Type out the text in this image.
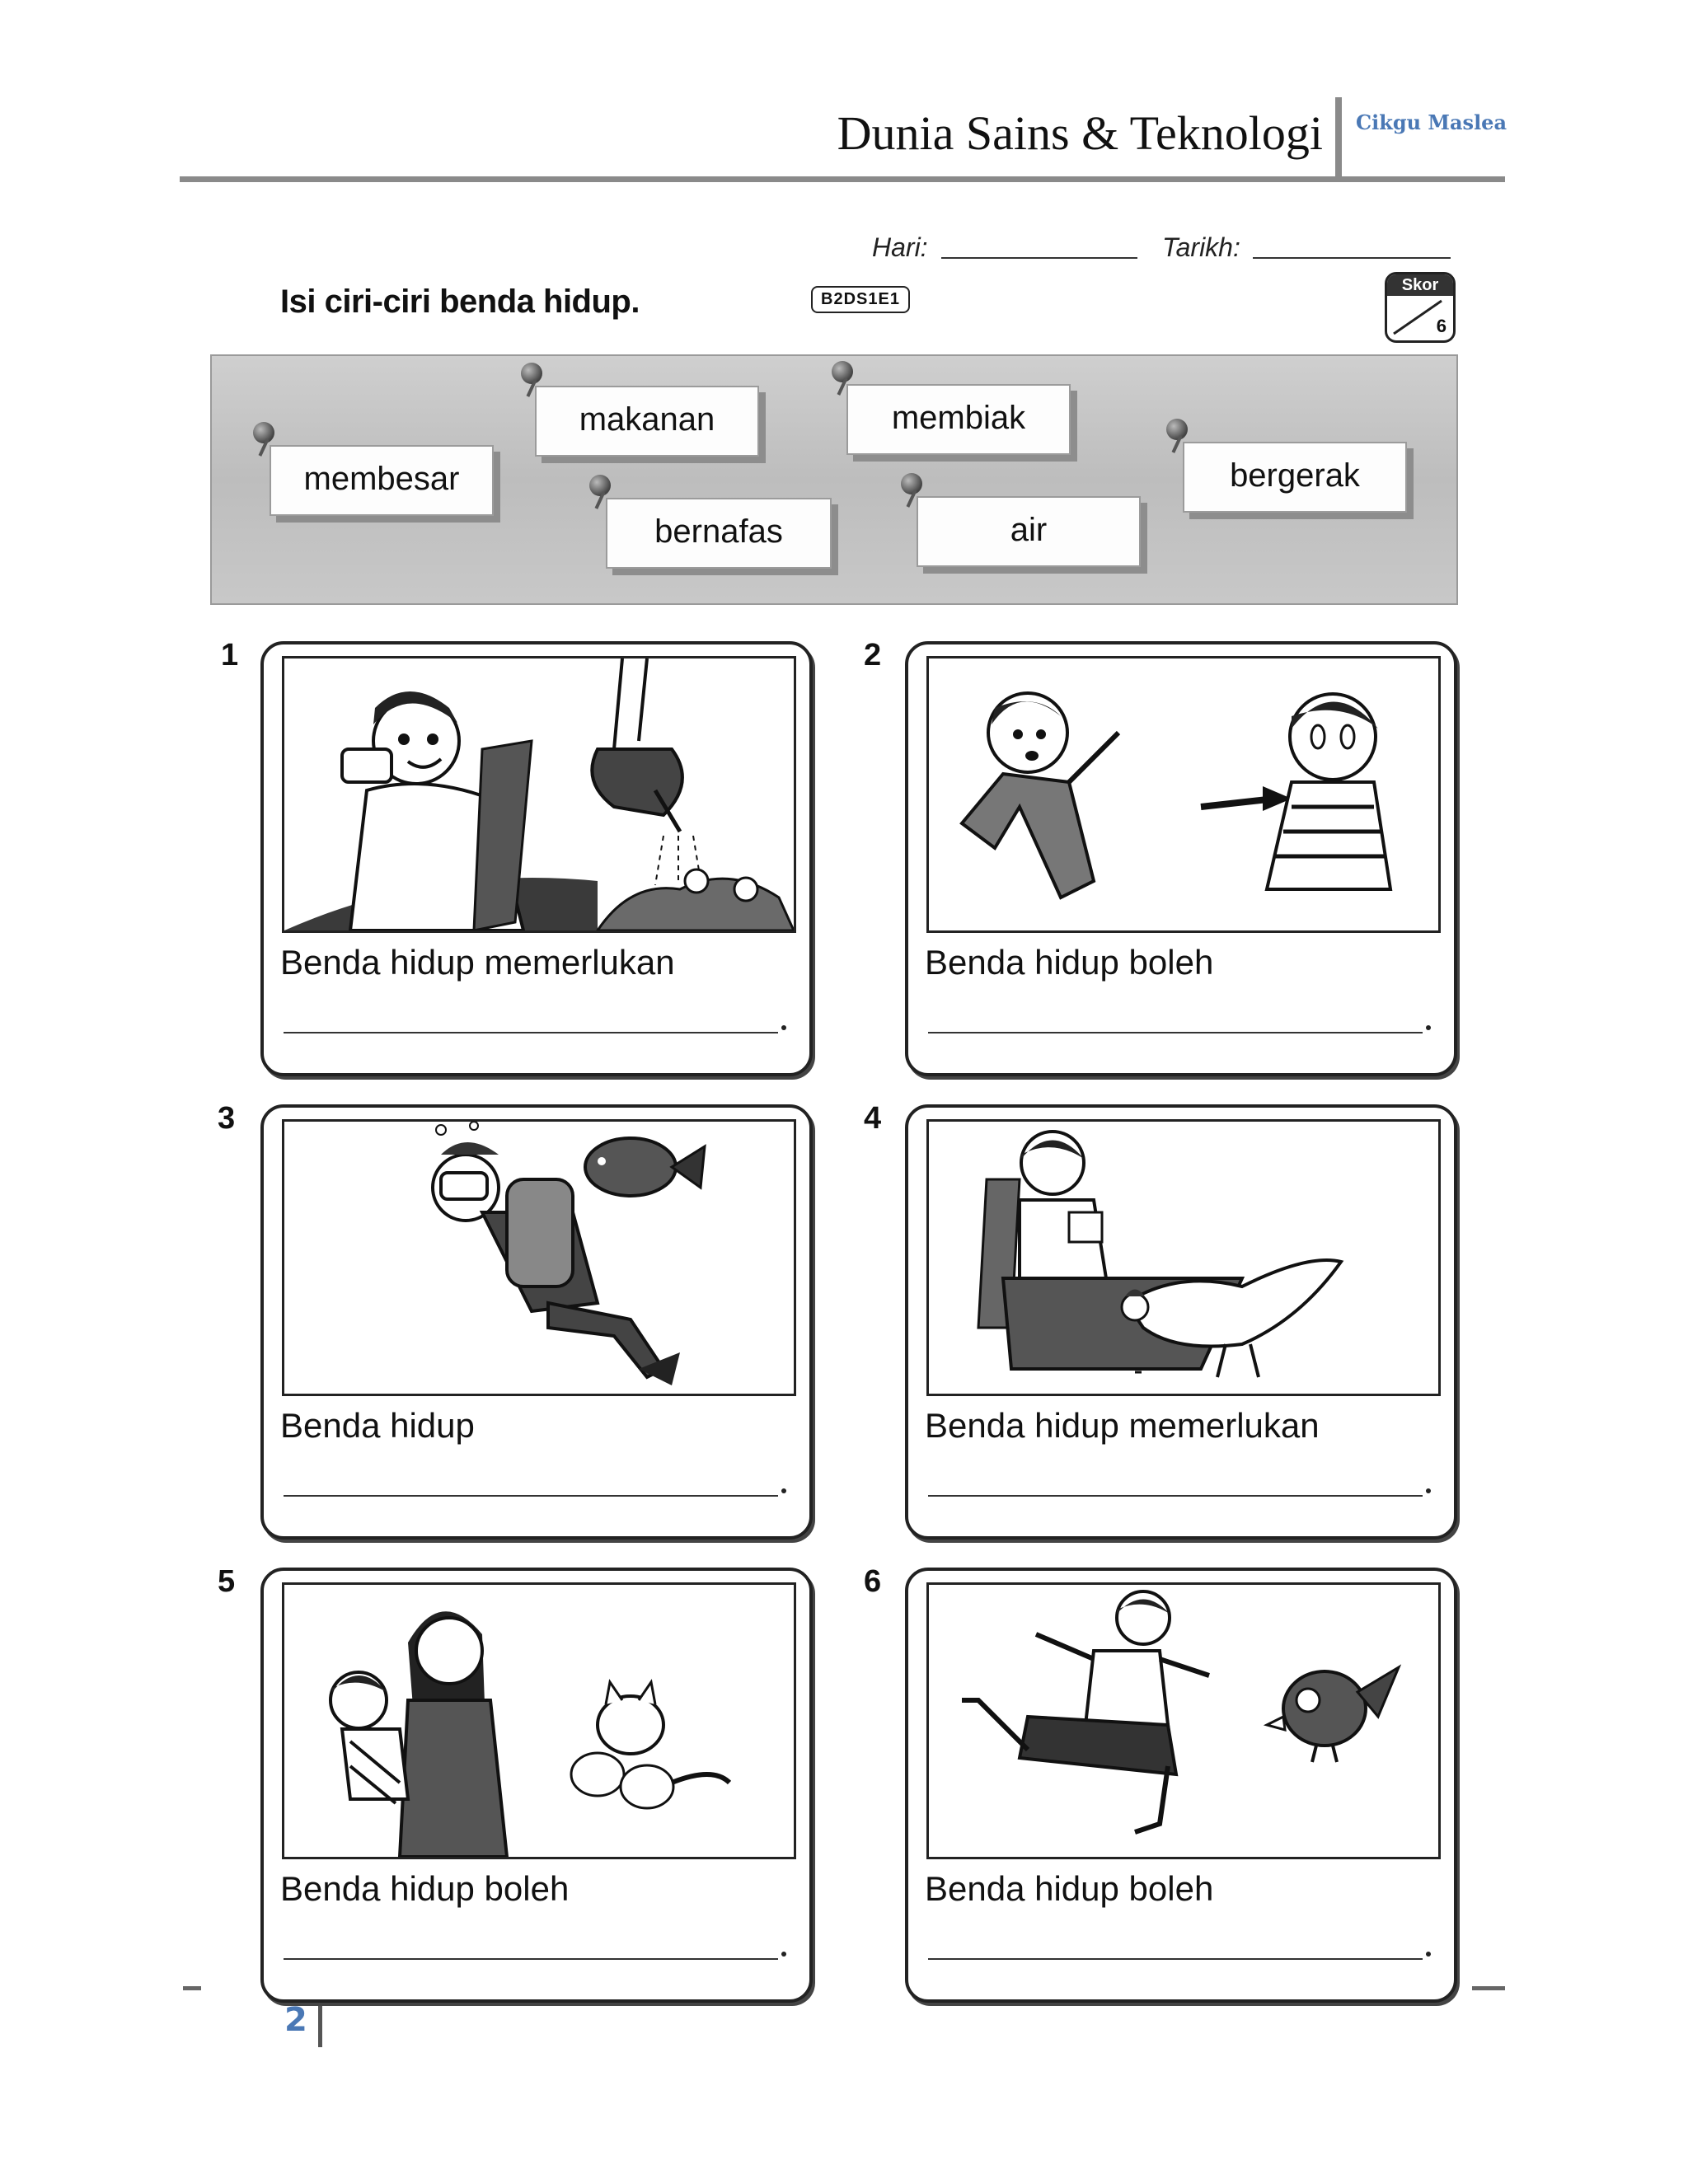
Dunia Sains & Teknologi Cikgu Maslea
Hari:	Tarikh:
Isi ciri-ciri benda hidup.	B2DS1E1
Skor
6
membesar
makanan
bernafas
membiak
air
bergerak
1
Benda hidup memerlukan
2
Benda hidup boleh
3
Benda hidup
4
Benda hidup memerlukan
5
Benda hidup boleh
6
Benda hidup boleh
2
